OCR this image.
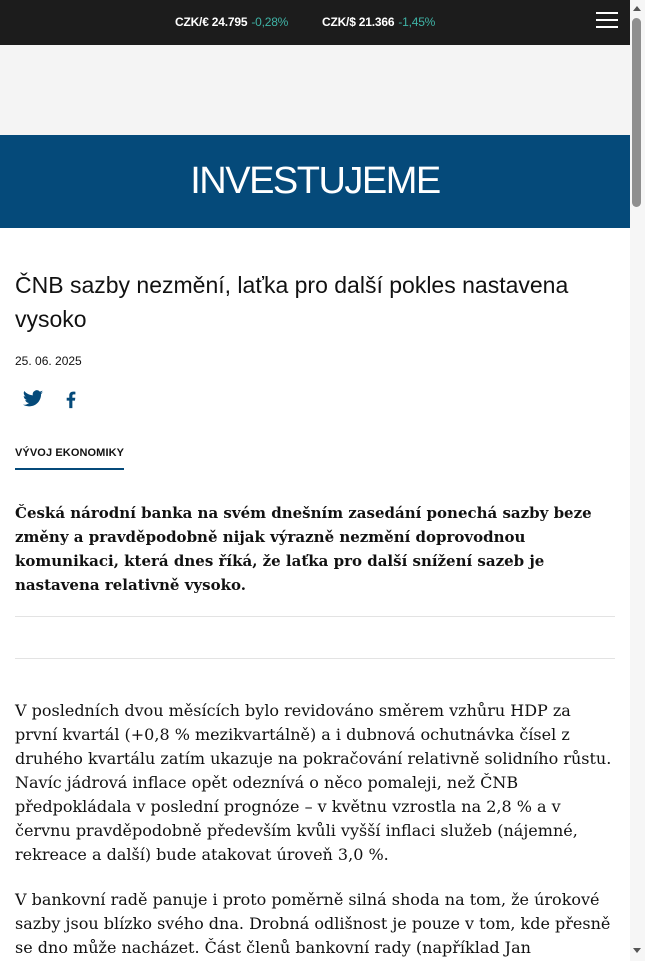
CZK/€ 24.795 -0,28%	CZK/$ 21.366 -1,45%
INVESTUJEME
ČNB sazby nezmění, laťka pro další pokles nastavena vysoko
25. 06. 2025
VÝVOJ EKONOMIKY

Česká národní banka na svém dnešním zasedání ponechá sazby beze změny a pravděpodobně nijak výrazně nezmění doprovodnou komunikaci, která dnes říká, že laťka pro další snížení sazeb je nastavena relativně vysoko.

V posledních dvou měsících bylo revidováno směrem vzhůru HDP za první kvartál (+0,8 % mezikvartálně) a i dubnová ochutnávka čísel z druhého kvartálu zatím ukazuje na pokračování relativně solidního růstu. Navíc jádrová inflace opět odeznívá o něco pomaleji, než ČNB předpokládala v poslední prognóze – v květnu vzrostla na 2,8 % a v červnu pravděpodobně především kvůli vyšší inflaci služeb (nájemné, rekreace a další) bude atakovat úroveň 3,0 %.

V bankovní radě panuje i proto poměrně silná shoda na tom, že úrokové sazby jsou blízko svého dna. Drobná odlišnost je pouze v tom, kde přesně se dno může nacházet. Část členů bankovní rady (například Jan
